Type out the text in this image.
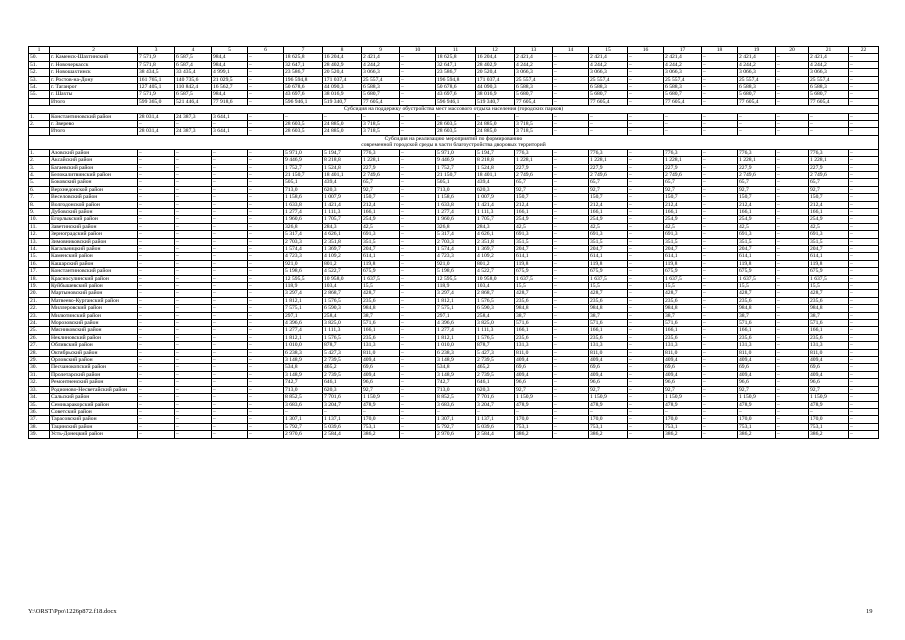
1	2	3	4	5	6	7	8	9	10	11	12	13	14	15	16	17	18	19	20	21	22
50.	г. Каменск-Шахтинский	7 571,9	6 587,5	984,4	–	18 625,8	16 204,4	2 421,4	–	18 625,8	16 204,4	2 421,4	–	2 421,4	–	2 421,4	–	2 421,4	–	2 421,4	–
51.	г. Новочеркасск	7 571,8	6 587,4	984,4	–	32 647,1	28 402,9	4 244,2	–	32 647,1	28 402,9	4 244,2	–	4 244,2	–	4 244,2	–	4 244,2	–	4 244,2	–
52.	г. Новошахтинск	38 434,5	33 435,4	4 999,1	–	23 586,7	20 520,4	3 066,3	–	23 586,7	20 520,4	3 066,3	–	3 066,3	–	3 066,3	–	3 066,3	–	3 066,3	–
53.	г. Ростов-на-Дону	161 765,1	140 735,6	21 029,5	–	196 594,8	171 037,4	25 557,4	–	196 594,8	171 037,4	25 557,4	–	25 557,4	–	25 557,4	–	25 557,4	–	25 557,4	–
54.	г. Таганрог	127 405,1	110 842,4	16 562,7	–	50 678,6	44 090,3	6 588,3	–	50 678,6	44 090,3	6 588,3	–	6 588,3	–	6 588,3	–	6 588,3	–	6 588,3	–
55.	г. Шахты	7 571,9	6 587,5	984,4	–	43 697,6	38 016,9	5 680,7	–	43 697,6	38 016,9	5 680,7	–	5 680,7	–	5 680,7	–	5 680,7	–	5 680,7	–
	Итого	599 365,0	521 446,4	77 918,6	–	596 946,1	519 340,7	77 605,4	–	596 946,1	519 340,7	77 605,4	–	77 605,4	–	77 605,4	–	77 605,4	–	77 605,4	–

Субсидия на поддержку обустройства мест массового отдыха населения (городских парков)																					

1.	Константиновский район	28 031,4	24 387,3	3 644,1	–	–	–	–	–	–	–	–	–	–	–	–	–	–	–	–	–
2.	г. Зверево	–	–	–	–	28 603,5	24 885,0	3 718,5	–	28 603,5	24 885,0	3 718,5	–	–	–	–	–	–	–	–	–
	Итого	28 031,4	24 387,3	3 644,1	–	28 603,5	24 885,0	3 718,5	–	28 603,5	24 885,0	3 718,5	–	–	–	–	–	–	–	–	–

Субсидия на реализацию мероприятий по формированию
современной городской среды в части благоустройства дворовых территорий																					

1.	Азовский район	–	–	–	–	5 971,0	5 194,7	776,3	–	5 971,0	5 194,7	776,3	–	776,3	–	776,3	–	776,3	–	776,3	–
2.	Аксайский район	–	–	–	–	9 446,9	8 218,8	1 228,1	–	9 446,9	8 218,8	1 228,1	–	1 228,1	–	1 228,1	–	1 228,1	–	1 228,1	–
3.	Багаевский район	–	–	–	–	1 752,7	1 524,8	227,9	–	1 752,7	1 524,8	227,9	–	227,9	–	227,9	–	227,9	–	227,9	–
4.	Белокалитвинский район	–	–	–	–	21 150,7	18 401,1	2 749,6	–	21 150,7	18 401,1	2 749,6	–	2 749,6	–	2 749,6	–	2 749,6	–	2 749,6	–
5.	Боковский район	–	–	–	–	505,1	439,4	65,7	–	505,1	439,4	65,7	–	65,7	–	65,7	–	65,7	–	65,7	–
6.	Верхнедонской район	–	–	–	–	713,0	620,3	92,7	–	713,0	620,3	92,7	–	92,7	–	92,7	–	92,7	–	92,7	–
7.	Веселовский район	–	–	–	–	1 158,6	1 007,9	150,7	–	1 158,6	1 007,9	150,7	–	150,7	–	150,7	–	150,7	–	150,7	–
8.	Волгодонской район	–	–	–	–	1 633,8	1 421,4	212,4	–	1 633,8	1 421,4	212,4	–	212,4	–	212,4	–	212,4	–	212,4	–
9.	Дубовский район	–	–	–	–	1 277,4	1 111,3	166,1	–	1 277,4	1 111,3	166,1	–	166,1	–	166,1	–	166,1	–	166,1	–
10.	Егорлыкский район	–	–	–	–	1 960,6	1 705,7	254,9	–	1 960,6	1 705,7	254,9	–	254,9	–	254,9	–	254,9	–	254,9	–
11.	Заветинский район	–	–	–	–	326,8	284,3	42,5	–	326,8	284,3	42,5	–	42,5	–	42,5	–	42,5	–	42,5	–
12.	Зерноградский район	–	–	–	–	5 317,4	4 626,1	691,3	–	5 317,4	4 626,1	691,3	–	691,3	–	691,3	–	691,3	–	691,3	–
13.	Зимовниковский район	–	–	–	–	2 703,3	2 351,8	351,5	–	2 703,3	2 351,8	351,5	–	351,5	–	351,5	–	351,5	–	351,5	–
14.	Кагальницкий район	–	–	–	–	1 574,4	1 369,7	204,7	–	1 574,4	1 369,7	204,7	–	204,7	–	204,7	–	204,7	–	204,7	–
15.	Каменский район	–	–	–	–	4 723,3	4 109,2	614,1	–	4 723,3	4 109,2	614,1	–	614,1	–	614,1	–	614,1	–	614,1	–
16.	Кашарский район	–	–	–	–	921,0	801,2	119,8	–	921,0	801,2	119,8	–	119,8	–	119,8	–	119,8	–	119,8	–
17.	Константиновский район	–	–	–	–	5 198,6	4 522,7	675,9	–	5 198,6	4 522,7	675,9	–	675,9	–	675,9	–	675,9	–	675,9	–
18.	Красносулинский район	–	–	–	–	12 595,5	10 958,0	1 637,5	–	12 595,5	10 958,0	1 637,5	–	1 637,5	–	1 637,5	–	1 637,5	–	1 637,5	–
19.	Куйбышевский район	–	–	–	–	118,9	103,4	15,5	–	118,9	103,4	15,5	–	15,5	–	15,5	–	15,5	–	15,5	–
20.	Мартыновский район	–	–	–	–	3 297,4	2 868,7	428,7	–	3 297,4	2 868,7	428,7	–	428,7	–	428,7	–	428,7	–	428,7	–
21.	Матвеево-Курганский район	–	–	–	–	1 812,1	1 576,5	235,6	–	1 812,1	1 576,5	235,6	–	235,6	–	235,6	–	235,6	–	235,6	–
22.	Миллеровский район	–	–	–	–	7 575,1	6 590,3	984,8	–	7 575,1	6 590,3	984,8	–	984,8	–	984,8	–	984,8	–	984,8	–
23.	Милютинский район	–	–	–	–	297,1	258,4	38,7	–	297,1	258,4	38,7	–	38,7	–	38,7	–	38,7	–	38,7	–
24.	Морозовский район	–	–	–	–	4 396,6	3 825,0	571,6	–	4 396,6	3 825,0	571,6	–	571,6	–	571,6	–	571,6	–	571,6	–
25.	Мясниковский район	–	–	–	–	1 277,4	1 111,3	166,1	–	1 277,4	1 111,3	166,1	–	166,1	–	166,1	–	166,1	–	166,1	–
26.	Неклиновский район	–	–	–	–	1 812,1	1 576,5	235,6	–	1 812,1	1 576,5	235,6	–	235,6	–	235,6	–	235,6	–	235,6	–
27.	Обливский район	–	–	–	–	1 010,0	878,7	131,3	–	1 010,0	878,7	131,3	–	131,3	–	131,3	–	131,3	–	131,3	–
28.	Октябрьский район	–	–	–	–	6 238,3	5 427,3	811,0	–	6 238,3	5 427,3	811,0	–	811,0	–	811,0	–	811,0	–	811,0	–
29.	Орловский район	–	–	–	–	3 148,9	2 739,5	409,4	–	3 148,9	2 739,5	409,4	–	409,4	–	409,4	–	409,4	–	409,4	–
30.	Песчанокопский район	–	–	–	–	534,8	465,2	69,6	–	534,8	465,2	69,6	–	69,6	–	69,6	–	69,6	–	69,6	–
31.	Пролетарский район	–	–	–	–	3 148,9	2 739,5	409,4	–	3 148,9	2 739,5	409,4	–	409,4	–	409,4	–	409,4	–	409,4	–
32.	Ремонтненский район	–	–	–	–	742,7	646,1	96,6	–	742,7	646,1	96,6	–	96,6	–	96,6	–	96,6	–	96,6	–
33.	Родионово-Несветайский район	–	–	–	–	713,0	620,3	92,7	–	713,0	620,3	92,7	–	92,7	–	92,7	–	92,7	–	92,7	–
34.	Сальский район	–	–	–	–	8 852,5	7 701,6	1 150,9	–	8 852,5	7 701,6	1 150,9	–	1 150,9	–	1 150,9	–	1 150,9	–	1 150,9	–
35.	Семикаракорский район	–	–	–	–	3 683,6	3 204,7	478,9	–	3 683,6	3 204,7	478,9	–	478,9	–	478,9	–	478,9	–	478,9	–
36.	Советский район	–	–	–	–	–	–	–	–	–	–	–	–	–	–	–	–	–	–	–	–
37.	Тарасовский район	–	–	–	–	1 307,1	1 137,1	170,0	–	1 307,1	1 137,1	170,0	–	170,0	–	170,0	–	170,0	–	170,0	–
38.	Тацинский район	–	–	–	–	5 792,7	5 039,6	753,1	–	5 792,7	5 039,6	753,1	–	753,1	–	753,1	–	753,1	–	753,1	–
39.	Усть-Донецкий район	–	–	–	–	2 970,6	2 584,4	386,2	–	2 970,6	2 584,4	386,2	–	386,2	–	386,2	–	386,2	–	386,2	–
Y:\ORST\Ppo\1226p872.f18.docx	19
